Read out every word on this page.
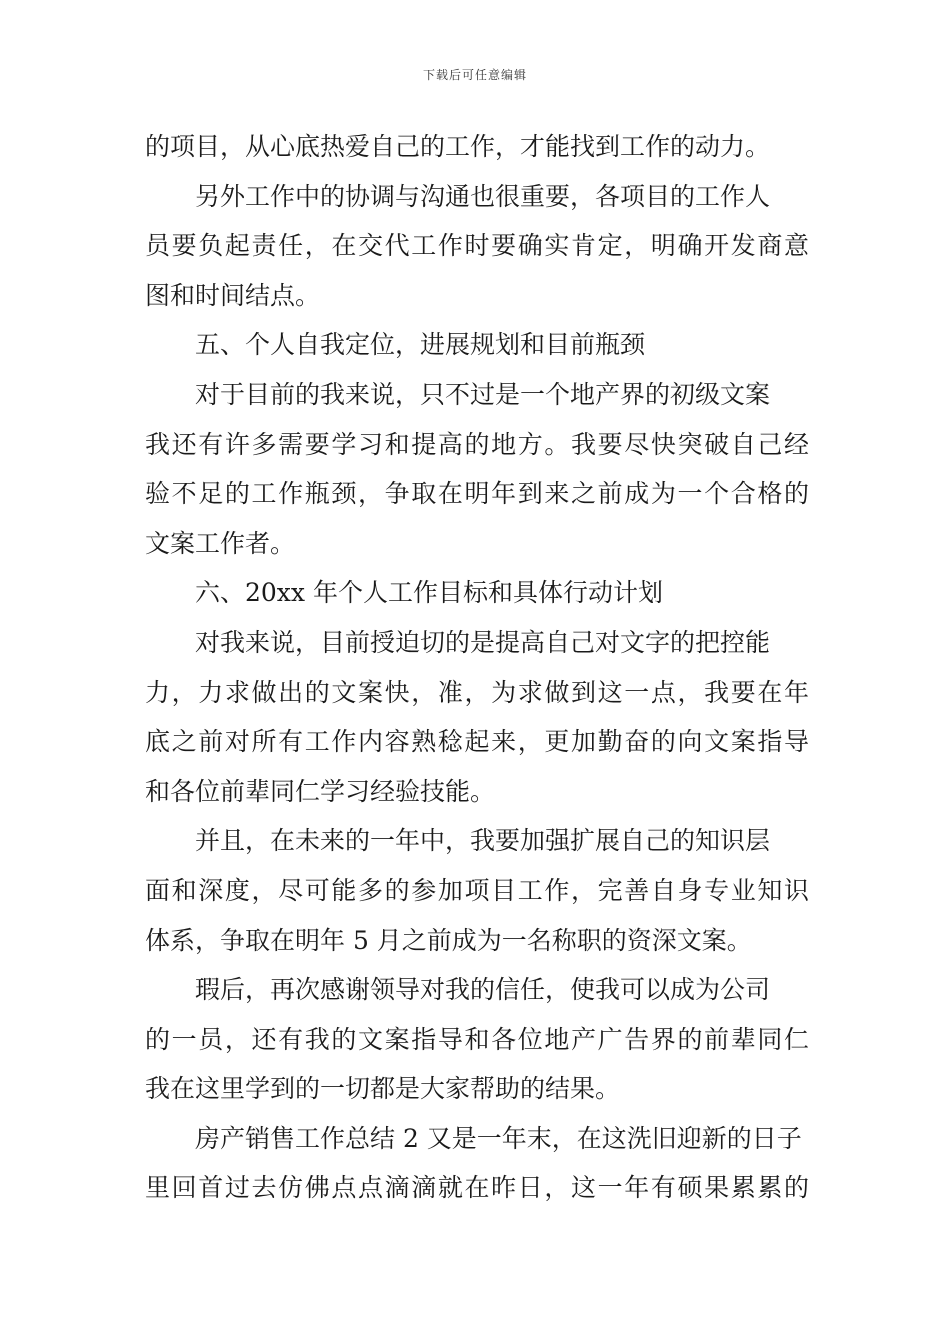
下载后可任意编辑
的项目，从心底热爱自己的工作，才能找到工作的动力。
另外工作中的协调与沟通也很重要，各项目的工作人
员要负起责任，在交代工作时要确实肯定，明确开发商意
图和时间结点。
五、个人自我定位，进展规划和目前瓶颈
对于目前的我来说，只不过是一个地产界的初级文案
我还有许多需要学习和提高的地方。我要尽快突破自己经
验不足的工作瓶颈，争取在明年到来之前成为一个合格的
文案工作者。
六、20xx 年个人工作目标和具体行动计划
对我来说，目前授迫切的是提高自己对文字的把控能
力，力求做出的文案快，准，为求做到这一点，我要在年
底之前对所有工作内容熟稔起来，更加勤奋的向文案指导
和各位前辈同仁学习经验技能。
并且，在未来的一年中，我要加强扩展自己的知识层
面和深度，尽可能多的参加项目工作，完善自身专业知识
体系，争取在明年 5 月之前成为一名称职的资深文案。
瑕后，再次感谢领导对我的信任，使我可以成为公司
的一员，还有我的文案指导和各位地产广告界的前辈同仁
我在这里学到的一切都是大家帮助的结果。
房产销售工作总结 2 又是一年末，在这洗旧迎新的日子
里回首过去仿佛点点滴滴就在昨日，这一年有硕果累累的
